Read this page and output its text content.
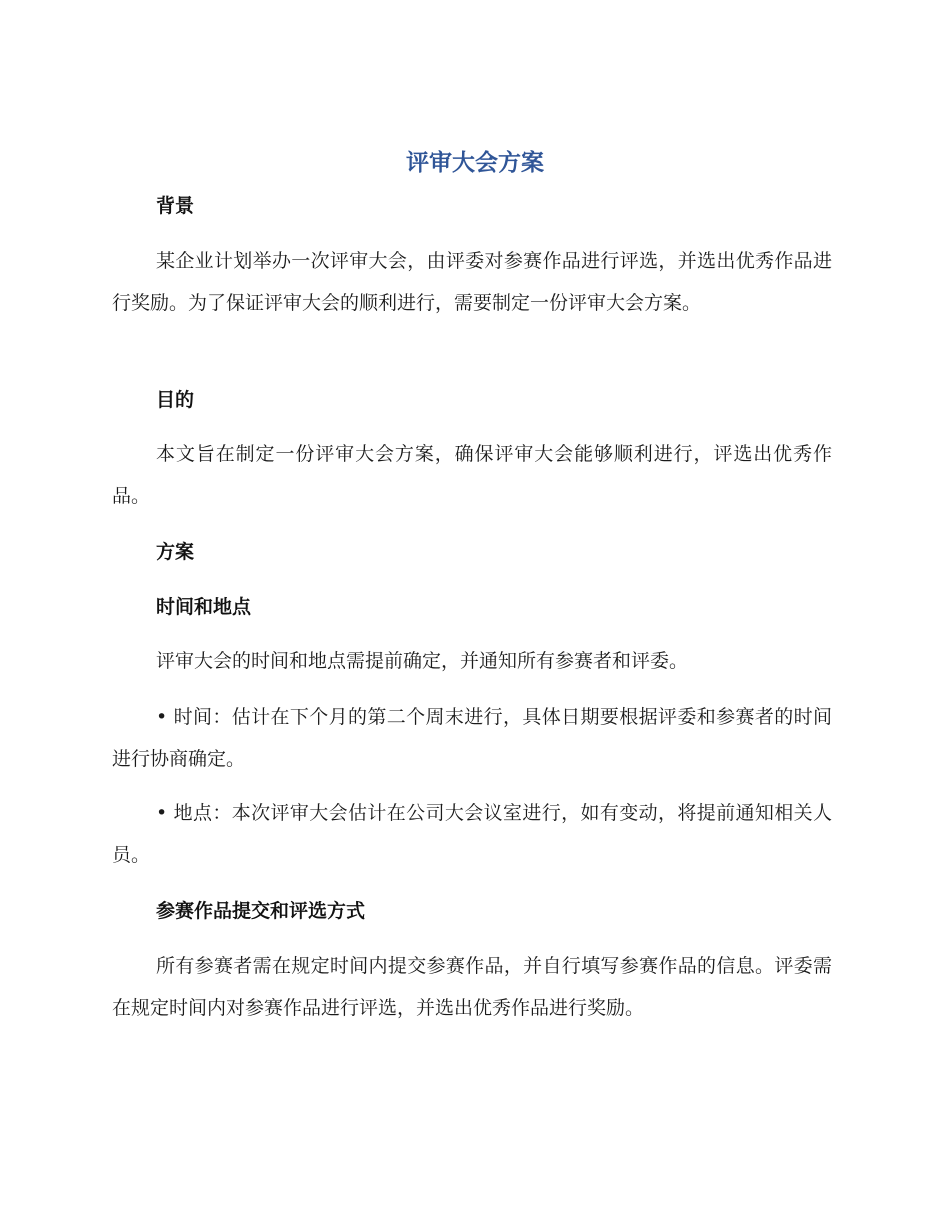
评审大会方案
背景
某企业计划举办一次评审大会，由评委对参赛作品进行评选，并选出优秀作品进行奖励。为了保证评审大会的顺利进行，需要制定一份评审大会方案。
目的
本文旨在制定一份评审大会方案，确保评审大会能够顺利进行，评选出优秀作品。
方案
时间和地点
评审大会的时间和地点需提前确定，并通知所有参赛者和评委。
• 时间：估计在下个月的第二个周末进行，具体日期要根据评委和参赛者的时间进行协商确定。
• 地点：本次评审大会估计在公司大会议室进行，如有变动，将提前通知相关人员。
参赛作品提交和评选方式
所有参赛者需在规定时间内提交参赛作品，并自行填写参赛作品的信息。评委需在规定时间内对参赛作品进行评选，并选出优秀作品进行奖励。
